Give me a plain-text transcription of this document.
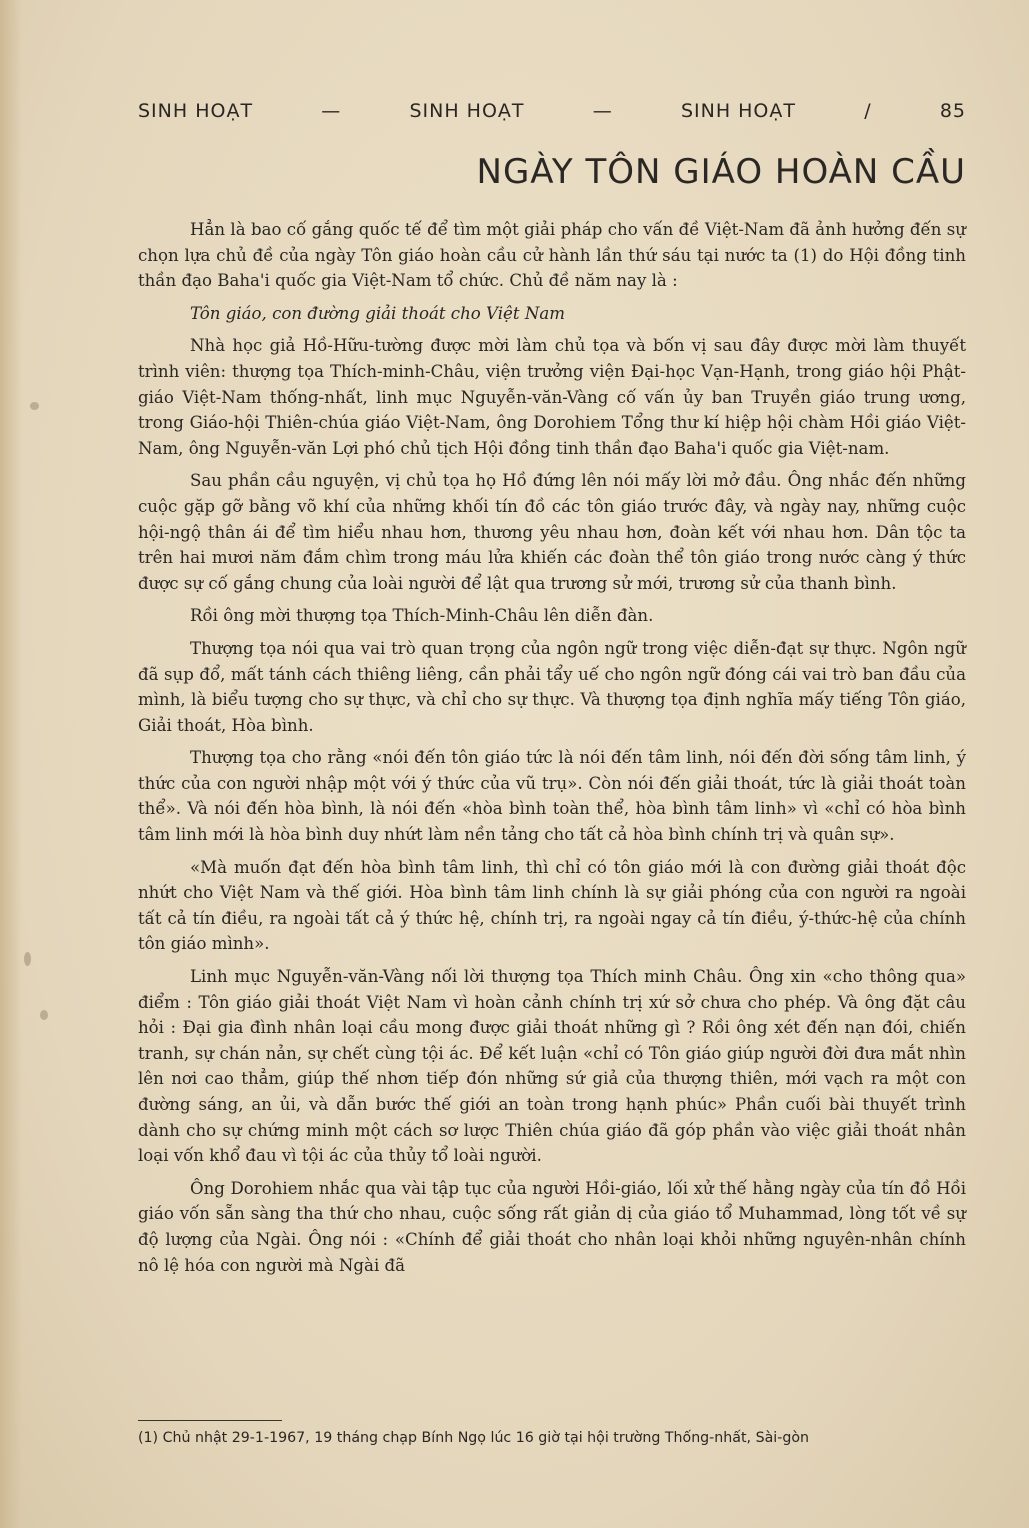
SINH HOẠT	—	SINH HOẠT	—	SINH HOẠT	/	85
NGÀY TÔN GIÁO HOÀN CẦU

Hẳn là bao cố gắng quốc tế để tìm một giải pháp cho vấn đề Việt-Nam đã ảnh hưởng đến sự chọn lựa chủ đề của ngày Tôn giáo hoàn cầu cử hành lần thứ sáu tại nước ta (1) do Hội đồng tinh thần đạo Baha'i quốc gia Việt-Nam tổ chức. Chủ đề năm nay là :

Tôn giáo, con đường giải thoát cho Việt Nam

Nhà học giả Hồ-Hữu-tường được mời làm chủ tọa và bốn vị sau đây được mời làm thuyết trình viên: thượng tọa Thích-minh-Châu, viện trưởng viện Đại-học Vạn-Hạnh, trong giáo hội Phật-giáo Việt-Nam thống-nhất, linh mục Nguyễn-văn-Vàng cố vấn ủy ban Truyền giáo trung ương, trong Giáo-hội Thiên-chúa giáo Việt-Nam, ông Dorohiem Tổng thư kí hiệp hội chàm Hồi giáo Việt-Nam, ông Nguyễn-văn Lợi phó chủ tịch Hội đồng tinh thần đạo Baha'i quốc gia Việt-nam.

Sau phần cầu nguyện, vị chủ tọa họ Hồ đứng lên nói mấy lời mở đầu. Ông nhắc đến những cuộc gặp gỡ bằng võ khí của những khối tín đồ các tôn giáo trước đây, và ngày nay, những cuộc hội-ngộ thân ái để tìm hiểu nhau hơn, thương yêu nhau hơn, đoàn kết với nhau hơn. Dân tộc ta trên hai mươi năm đắm chìm trong máu lửa khiến các đoàn thể tôn giáo trong nước càng ý thức được sự cố gắng chung của loài người để lật qua trương sử mới, trương sử của thanh bình.

Rồi ông mời thượng tọa Thích-Minh-Châu lên diễn đàn.

Thượng tọa nói qua vai trò quan trọng của ngôn ngữ trong việc diễn-đạt sự thực. Ngôn ngữ đã sụp đổ, mất tánh cách thiêng liêng, cần phải tẩy uế cho ngôn ngữ đóng cái vai trò ban đầu của mình, là biểu tượng cho sự thực, và chỉ cho sự thực. Và thượng tọa định nghĩa mấy tiếng Tôn giáo, Giải thoát, Hòa bình.

Thượng tọa cho rằng «nói đến tôn giáo tức là nói đến tâm linh, nói đến đời sống tâm linh, ý thức của con người nhập một với ý thức của vũ trụ». Còn nói đến giải thoát, tức là giải thoát toàn thể». Và nói đến hòa bình, là nói đến «hòa bình toàn thể, hòa bình tâm linh» vì «chỉ có hòa bình tâm linh mới là hòa bình duy nhứt làm nền tảng cho tất cả hòa bình chính trị và quân sự».

«Mà muốn đạt đến hòa bình tâm linh, thì chỉ có tôn giáo mới là con đường giải thoát độc nhứt cho Việt Nam và thế giới. Hòa bình tâm linh chính là sự giải phóng của con người ra ngoài tất cả tín điều, ra ngoài tất cả ý thức hệ, chính trị, ra ngoài ngay cả tín điều, ý-thức-hệ của chính tôn giáo mình».

Linh mục Nguyễn-văn-Vàng nối lời thượng tọa Thích minh Châu. Ông xin «cho thông qua» điểm : Tôn giáo giải thoát Việt Nam vì hoàn cảnh chính trị xứ sở chưa cho phép. Và ông đặt câu hỏi : Đại gia đình nhân loại cầu mong được giải thoát những gì ? Rồi ông xét đến nạn đói, chiến tranh, sự chán nản, sự chết cùng tội ác. Để kết luận «chỉ có Tôn giáo giúp người đời đưa mắt nhìn lên nơi cao thẳm, giúp thế nhơn tiếp đón những sứ giả của thượng thiên, mới vạch ra một con đường sáng, an ủi, và dẫn bước thế giới an toàn trong hạnh phúc» Phần cuối bài thuyết trình dành cho sự chứng minh một cách sơ lược Thiên chúa giáo đã góp phần vào việc giải thoát nhân loại vốn khổ đau vì tội ác của thủy tổ loài người.

Ông Dorohiem nhắc qua vài tập tục của người Hồi-giáo, lối xử thế hằng ngày của tín đồ Hồi giáo vốn sẵn sàng tha thứ cho nhau, cuộc sống rất giản dị của giáo tổ Muhammad, lòng tốt về sự độ lượng của Ngài. Ông nói : «Chính để giải thoát cho nhân loại khỏi những nguyên-nhân chính nô lệ hóa con người mà Ngài đã

(1) Chủ nhật 29-1-1967, 19 tháng chạp Bính Ngọ lúc 16 giờ tại hội trường Thống-nhất, Sài-gòn
